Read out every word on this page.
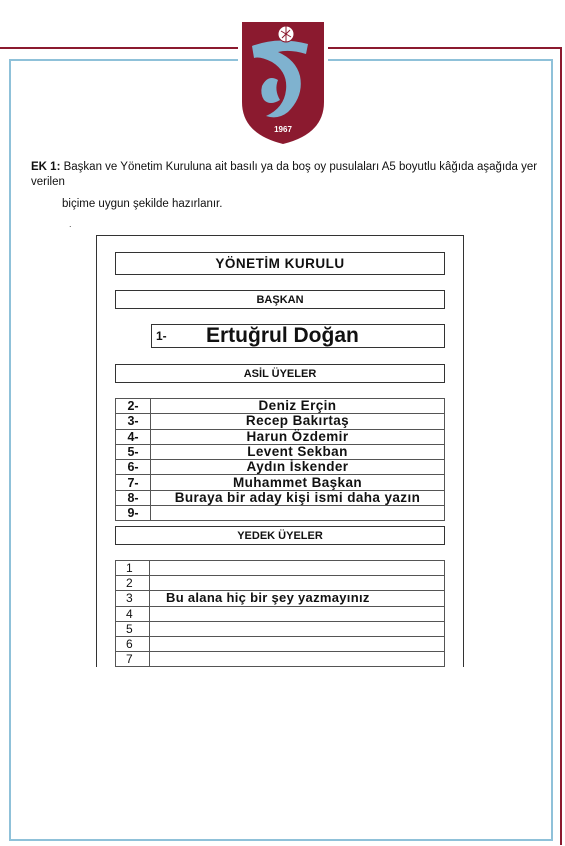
1967
EK 1: Başkan ve Yönetim Kuruluna ait basılı ya da boş oy pusulaları A5 boyutlu kâğıda aşağıda yer verilen
biçime uygun şekilde hazırlanır.
.
YÖNETİM KURULU
BAŞKAN
1-	Ertuğrul Doğan
ASİL ÜYELER
2-	Deniz Erçin
3-	Recep Bakırtaş
4-	Harun Özdemir
5-	Levent Sekban
6-	Aydın İskender
7-	Muhammet Başkan
8-	Buraya bir aday kişi ismi daha yazın
9-	
YEDEK ÜYELER
1	
2	
3	Bu alana hiç bir şey yazmayınız
4	
5	
6	
7	
